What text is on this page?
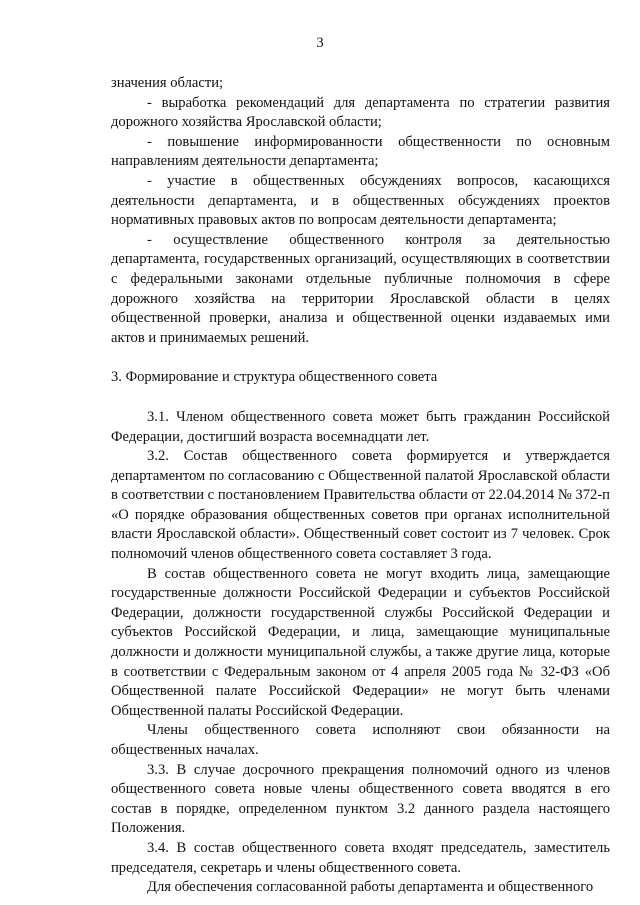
3

значения области;

- выработка рекомендаций для департамента по стратегии развития дорожного хозяйства Ярославской области;

- повышение информированности общественности по основным направлениям деятельности департамента;

- участие в общественных обсуждениях вопросов, касающихся деятельности департамента, и в общественных обсуждениях проектов нормативных правовых актов по вопросам деятельности департамента;

- осуществление общественного контроля за деятельностью департамента, государственных организаций, осуществляющих в соответствии с федеральными законами отдельные публичные полномочия в сфере дорожного хозяйства на территории Ярославской области в целях общественной проверки, анализа и общественной оценки издаваемых ими актов и принимаемых решений.

3. Формирование и структура общественного совета

3.1. Членом общественного совета может быть гражданин Российской Федерации, достигший возраста восемнадцати лет.

3.2. Состав общественного совета формируется и утверждается департаментом по согласованию с Общественной палатой Ярославской области в соответствии с постановлением Правительства области от 22.04.2014 № 372-п «О порядке образования общественных советов при органах исполнительной власти Ярославской области». Общественный совет состоит из 7 человек. Срок полномочий членов общественного совета составляет 3 года.

В состав общественного совета не могут входить лица, замещающие государственные должности Российской Федерации и субъектов Российской Федерации, должности государственной службы Российской Федерации и субъектов Российской Федерации, и лица, замещающие муниципальные должности и должности муниципальной службы, а также другие лица, которые в соответствии с Федеральным законом от 4 апреля 2005 года № 32-ФЗ «Об Общественной палате Российской Федерации» не могут быть членами Общественной палаты Российской Федерации.

Члены общественного совета исполняют свои обязанности на общественных началах.

3.3. В случае досрочного прекращения полномочий одного из членов общественного совета новые члены общественного совета вводятся в его состав в порядке, определенном пунктом 3.2 данного раздела настоящего Положения.

3.4. В состав общественного совета входят председатель, заместитель председателя, секретарь и члены общественного совета.

Для обеспечения согласованной работы департамента и общественного
